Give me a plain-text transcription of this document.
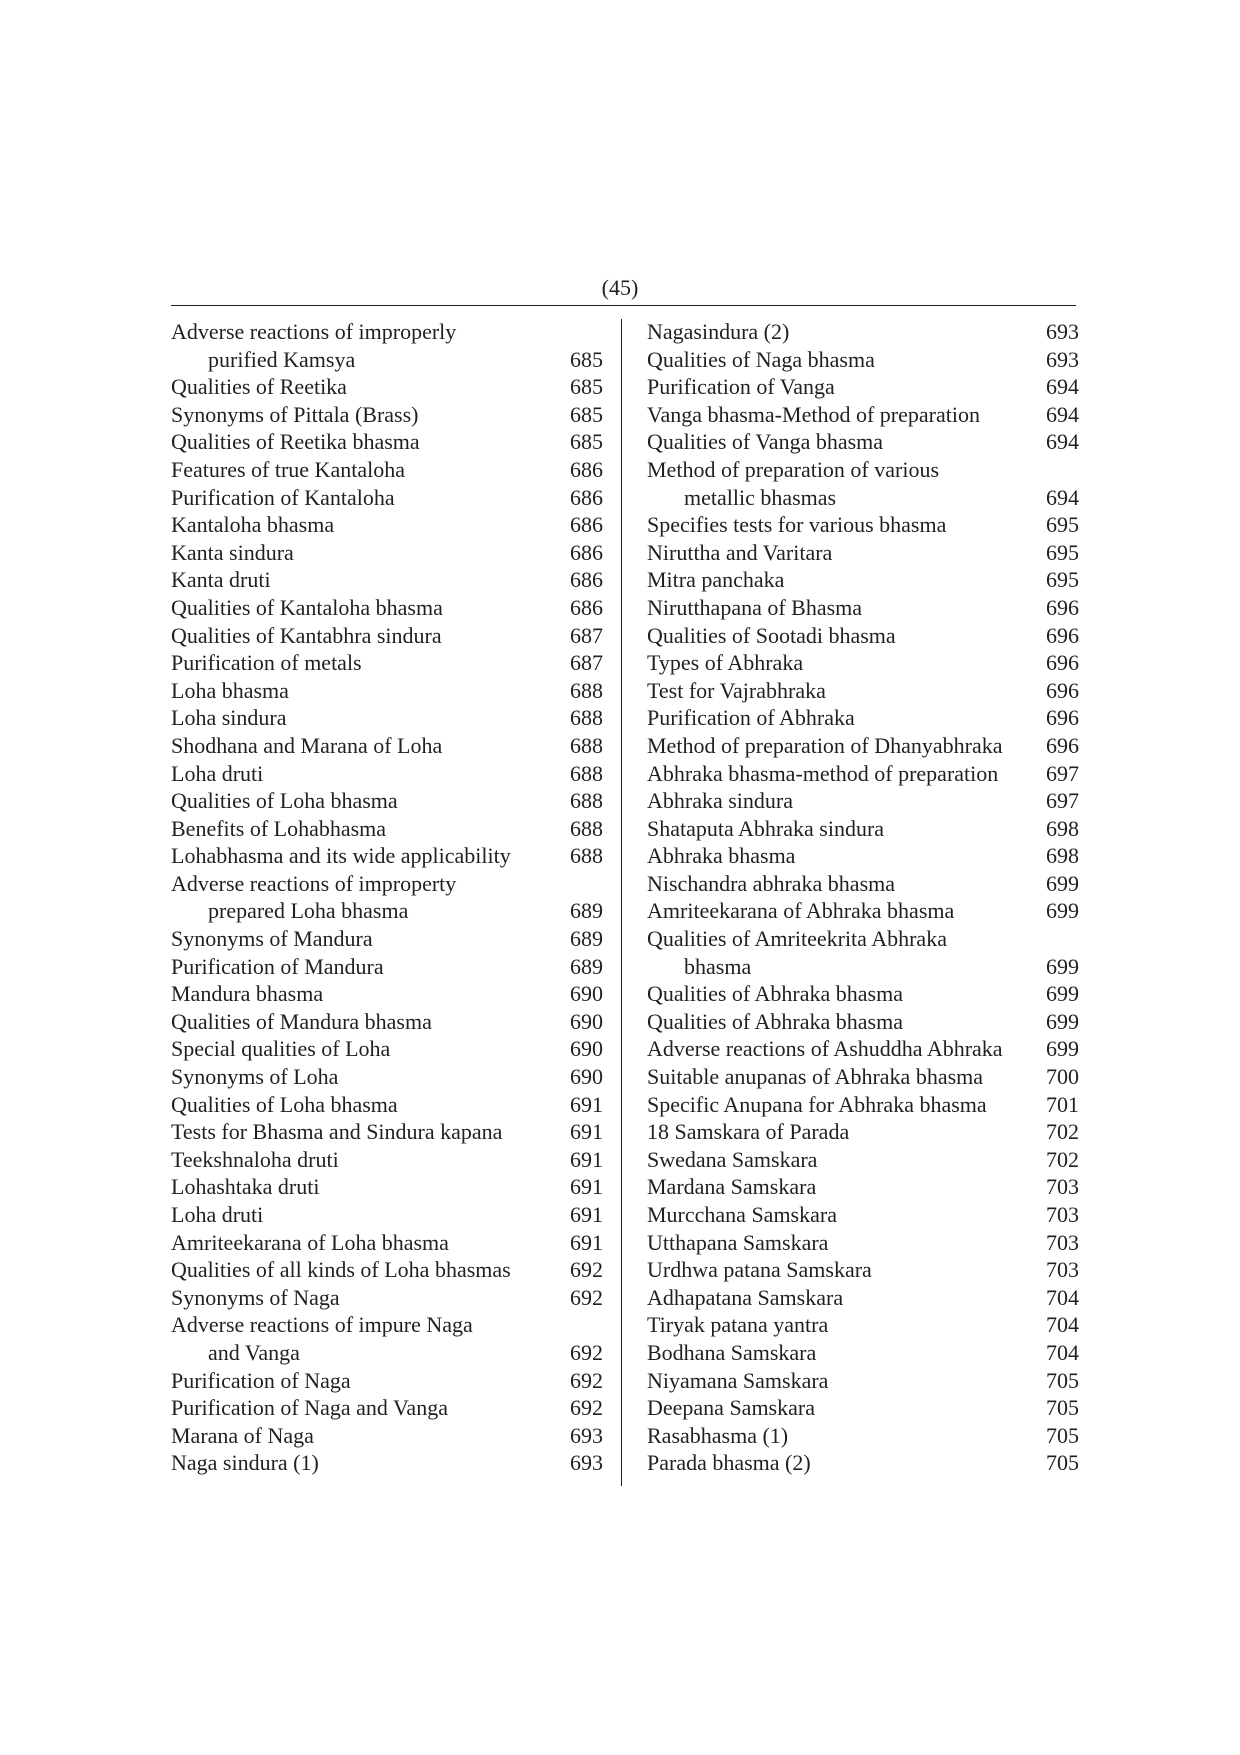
(45)
Adverse reactions of improperly
purified Kamsya	685
Qualities of Reetika	685
Synonyms of Pittala (Brass)	685
Qualities of Reetika bhasma	685
Features of true Kantaloha	686
Purification of Kantaloha	686
Kantaloha bhasma	686
Kanta sindura	686
Kanta druti	686
Qualities of Kantaloha bhasma	686
Qualities of Kantabhra sindura	687
Purification of metals	687
Loha bhasma	688
Loha sindura	688
Shodhana and Marana of Loha	688
Loha druti	688
Qualities of Loha bhasma	688
Benefits of Lohabhasma	688
Lohabhasma and its wide applicability	688
Adverse reactions of improperty
prepared Loha bhasma	689
Synonyms of Mandura	689
Purification of Mandura	689
Mandura bhasma	690
Qualities of Mandura bhasma	690
Special qualities of Loha	690
Synonyms of Loha	690
Qualities of Loha bhasma	691
Tests for Bhasma and Sindura kapana	691
Teekshnaloha druti	691
Lohashtaka druti	691
Loha druti	691
Amriteekarana of Loha bhasma	691
Qualities of all kinds of Loha bhasmas	692
Synonyms of Naga	692
Adverse reactions of impure Naga
and Vanga	692
Purification of Naga	692
Purification of Naga and Vanga	692
Marana of Naga	693
Naga sindura (1)	693
Nagasindura (2)	693
Qualities of Naga bhasma	693
Purification of Vanga	694
Vanga bhasma-Method of preparation	694
Qualities of Vanga bhasma	694
Method of preparation of various
metallic bhasmas	694
Specifies tests for various bhasma	695
Niruttha and Varitara	695
Mitra panchaka	695
Nirutthapana of Bhasma	696
Qualities of Sootadi bhasma	696
Types of Abhraka	696
Test for Vajrabhraka	696
Purification of Abhraka	696
Method of preparation of Dhanyabhraka	696
Abhraka bhasma-method of preparation	697
Abhraka sindura	697
Shataputa Abhraka sindura	698
Abhraka bhasma	698
Nischandra abhraka bhasma	699
Amriteekarana of Abhraka bhasma	699
Qualities of Amriteekrita Abhraka
bhasma	699
Qualities of Abhraka bhasma	699
Qualities of Abhraka bhasma	699
Adverse reactions of Ashuddha Abhraka	699
Suitable anupanas of Abhraka bhasma	700
Specific Anupana for Abhraka bhasma	701
18 Samskara of Parada	702
Swedana Samskara	702
Mardana Samskara	703
Murcchana Samskara	703
Utthapana Samskara	703
Urdhwa patana Samskara	703
Adhapatana Samskara	704
Tiryak patana yantra	704
Bodhana Samskara	704
Niyamana Samskara	705
Deepana Samskara	705
Rasabhasma (1)	705
Parada bhasma (2)	705
